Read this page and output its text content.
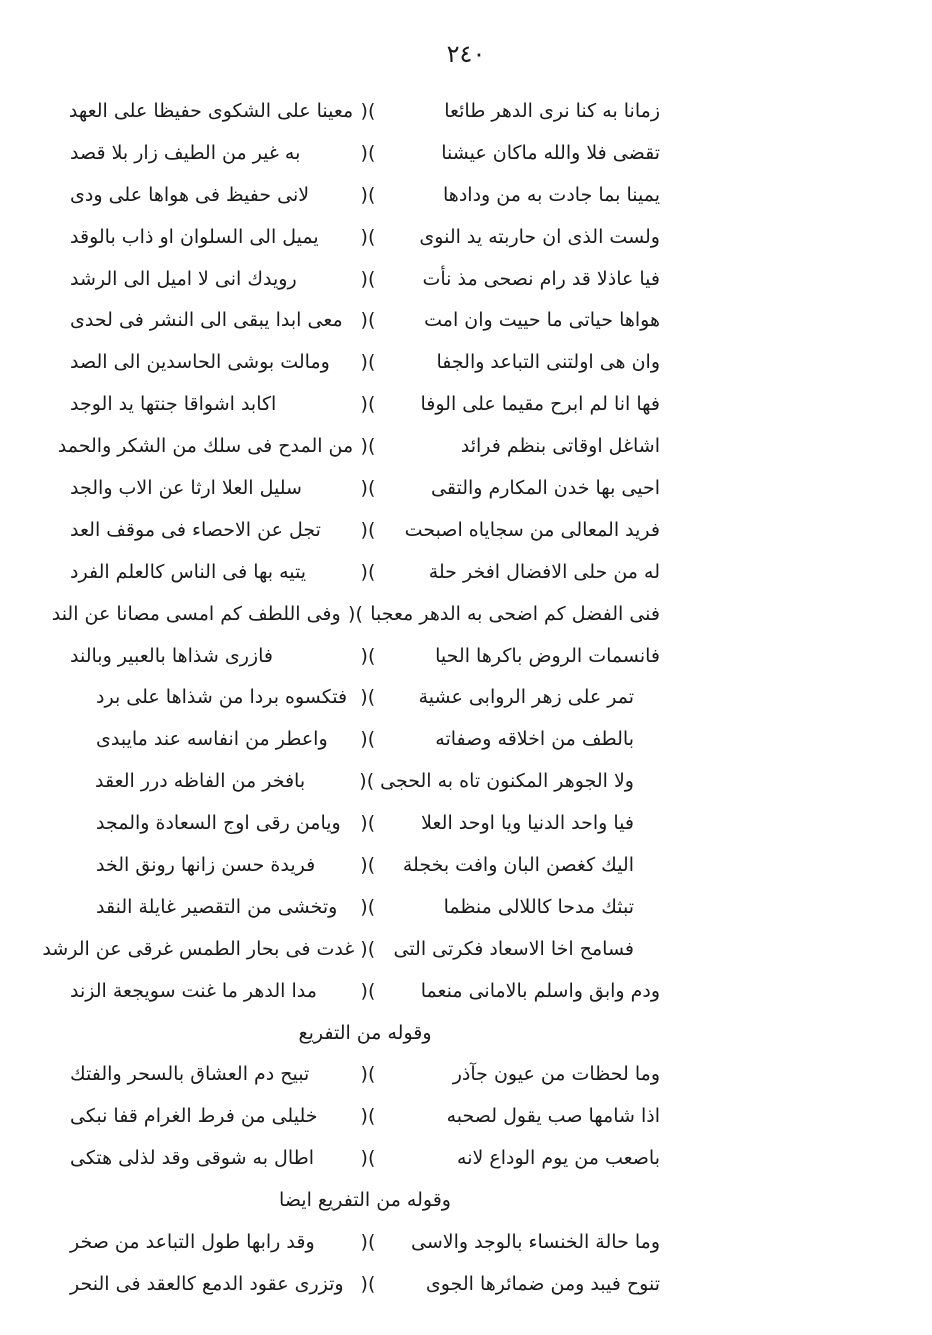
٢٤٠
زمانا به كنا نرى الدهر طائعا
)(
معينا على الشكوى حفيظا على العهد
تقضى فلا والله ماكان عيشنا
)(
به غير من الطيف زار بلا قصد
يمينا بما جادت به من ودادها
)(
لانى حفيظ فى هواها على ودى
ولست الذى ان حاربته يد النوى
)(
يميل الى السلوان او ذاب بالوقد
فيا عاذلا قد رام نصحى مذ نأت
)(
رويدك انى لا اميل الى الرشد
هواها حياتى ما حييت وان امت
)(
معى ابدا يبقى الى النشر فى لحدى
وان هى اولتنى التباعد والجفا
)(
ومالت بوشى الحاسدين الى الصد
فها انا لم ابرح مقيما على الوفا
)(
اكابد اشواقا جنتها يد الوجد
اشاغل اوقاتى بنظم فرائد
)(
من المدح فى سلك من الشكر والحمد
احيى بها خدن المكارم والتقى
)(
سليل العلا ارثا عن الاب والجد
فريد المعالى من سجاياه اصبحت
)(
تجل عن الاحصاء فى موقف العد
له من حلى الافضال افخر حلة
)(
يتيه بها فى الناس كالعلم الفرد
فنى الفضل كم اضحى به الدهر معجبا
)(
وفى اللطف كم امسى مصانا عن الند
فانسمات الروض باكرها الحيا
)(
فازرى شذاها بالعبير وبالند
تمر على زهر الروابى عشية
)(
فتكسوه بردا من شذاها على برد
بالطف من اخلاقه وصفاته
)(
واعطر من انفاسه عند مايبدى
ولا الجوهر المكنون تاه به الحجى
)(
بافخر من الفاظه درر العقد
فيا واحد الدنيا ويا اوحد العلا
)(
ويامن رقى اوج السعادة والمجد
اليك كغصن البان وافت بخجلة
)(
فريدة حسن زانها رونق الخد
تبثك مدحا كاللالى منظما
)(
وتخشى من التقصير غايلة النقد
فسامح اخا الاسعاد فكرتى التى
)(
غدت فى بحار الطمس غرقى عن الرشد
ودم وابق واسلم بالامانى منعما
)(
مدا الدهر ما غنت سويجعة الزند
وقوله من التفريع
وما لحظات من عيون جآذر
)(
تبيح دم العشاق بالسحر والفتك
اذا شامها صب يقول لصحبه
)(
خليلى من فرط الغرام قفا نبكى
باصعب من يوم الوداع لانه
)(
اطال به شوقى وقد لذلى هتكى
وقوله من التفريع ايضا
وما حالة الخنساء بالوجد والاسى
)(
وقد رابها طول التباعد من صخر
تنوح فيبد ومن ضمائرها الجوى
)(
وتزرى عقود الدمع كالعقد فى النحر
